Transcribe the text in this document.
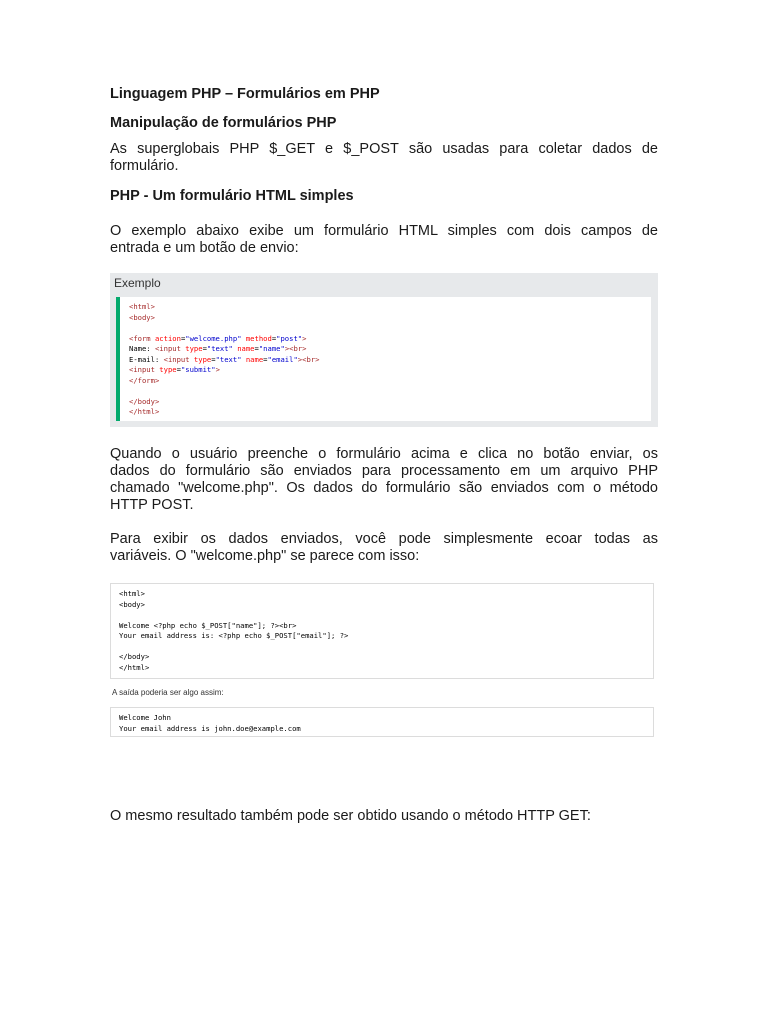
Linguagem PHP – Formulários em PHP
Manipulação de formulários PHP
As superglobais PHP $_GET e $_POST são usadas para coletar dados de
formulário.
PHP - Um formulário HTML simples
O exemplo abaixo exibe um formulário HTML simples com dois campos de
entrada e um botão de envio:
Exemplo
<html>
<body>

<form action="welcome.php" method="post">
Name: <input type="text" name="name"><br>
E-mail: <input type="text" name="email"><br>
<input type="submit">
</form>

</body>
</html>
Quando o usuário preenche o formulário acima e clica no botão enviar, os
dados do formulário são enviados para processamento em um arquivo PHP
chamado "welcome.php". Os dados do formulário são enviados com o método
HTTP POST.
Para exibir os dados enviados, você pode simplesmente ecoar todas as
variáveis. O "welcome.php" se parece com isso:
<html>
<body>

Welcome <?php echo $_POST["name"]; ?><br>
Your email address is: <?php echo $_POST["email"]; ?>

</body>
</html>
A saída poderia ser algo assim:
Welcome John
Your email address is john.doe@example.com
O mesmo resultado também pode ser obtido usando o método HTTP GET:
